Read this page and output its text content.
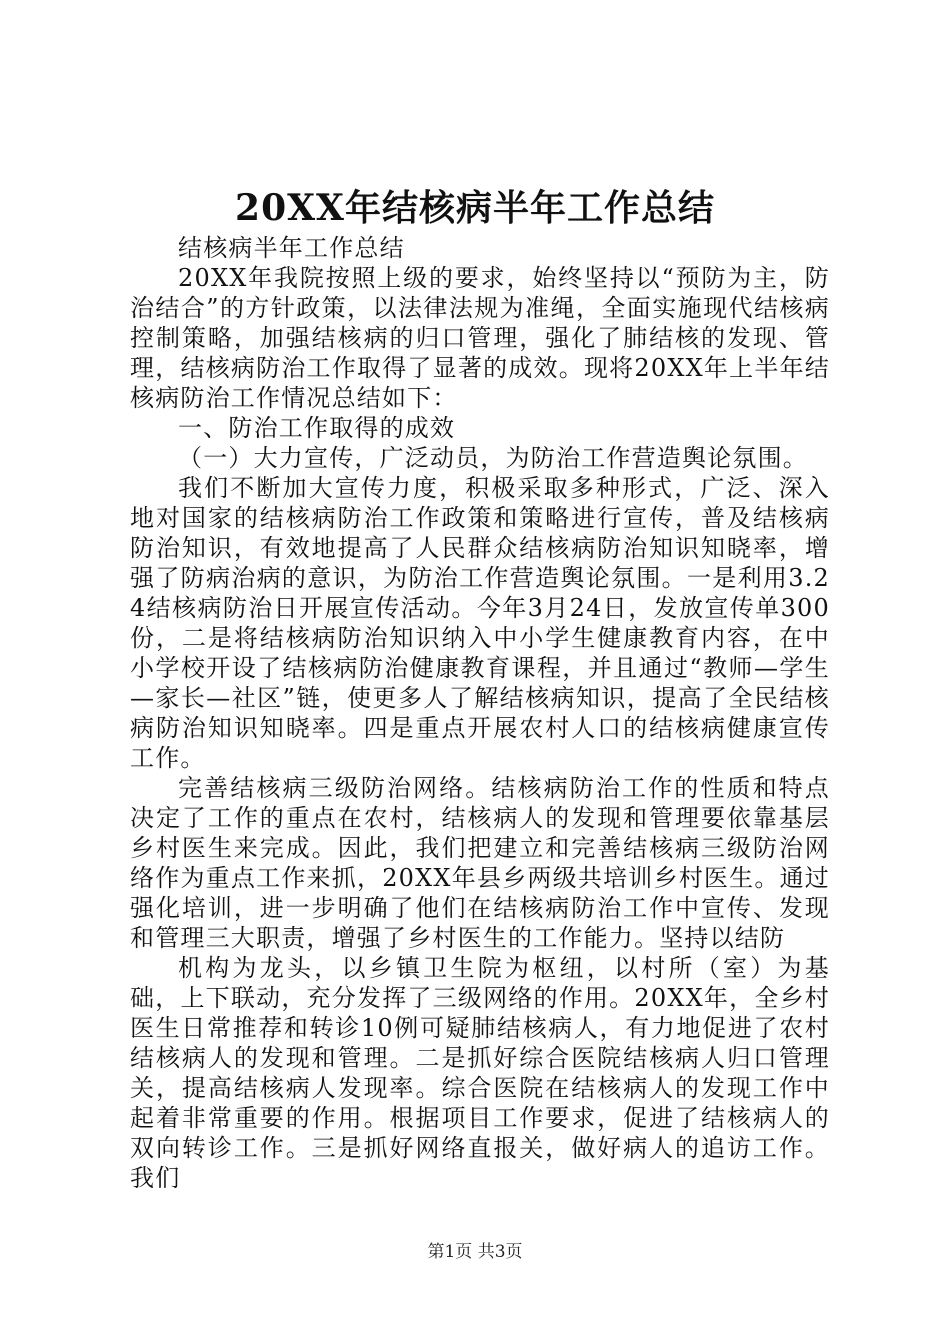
20XX年结核病半年工作总结

结核病半年工作总结

20XX年我院按照上级的要求，始终坚持以“预防为主，防治结合”的方针政策，以法律法规为准绳，全面实施现代结核病控制策略，加强结核病的归口管理，强化了肺结核的发现、管理，结核病防治工作取得了显著的成效。现将20XX年上半年结核病防治工作情况总结如下：

一、防治工作取得的成效

（一）大力宣传，广泛动员，为防治工作营造舆论氛围。

我们不断加大宣传力度，积极采取多种形式，广泛、深入地对国家的结核病防治工作政策和策略进行宣传，普及结核病防治知识，有效地提高了人民群众结核病防治知识知晓率，增强了防病治病的意识，为防治工作营造舆论氛围。一是利用3.24结核病防治日开展宣传活动。今年3月24日，发放宣传单300份，二是将结核病防治知识纳入中小学生健康教育内容，在中小学校开设了结核病防治健康教育课程，并且通过“教师—学生—家长—社区”链，使更多人了解结核病知识，提高了全民结核病防治知识知晓率。四是重点开展农村人口的结核病健康宣传工作。

完善结核病三级防治网络。结核病防治工作的性质和特点决定了工作的重点在农村，结核病人的发现和管理要依靠基层乡村医生来完成。因此，我们把建立和完善结核病三级防治网络作为重点工作来抓，20XX年县乡两级共培训乡村医生。通过强化培训，进一步明确了他们在结核病防治工作中宣传、发现和管理三大职责，增强了乡村医生的工作能力。坚持以结防

机构为龙头，以乡镇卫生院为枢纽，以村所（室）为基础，上下联动，充分发挥了三级网络的作用。20XX年，全乡村医生日常推荐和转诊10例可疑肺结核病人，有力地促进了农村结核病人的发现和管理。二是抓好综合医院结核病人归口管理关，提高结核病人发现率。综合医院在结核病人的发现工作中起着非常重要的作用。根据项目工作要求，促进了结核病人的双向转诊工作。三是抓好网络直报关，做好病人的追访工作。我们

第1页 共3页
